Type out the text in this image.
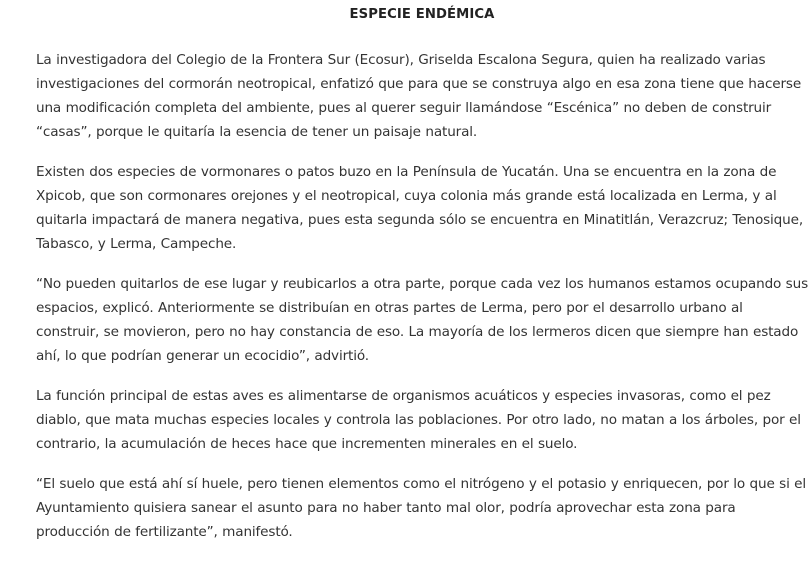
ESPECIE ENDÉMICA

La investigadora del Colegio de la Frontera Sur (Ecosur), Griselda Escalona Segura, quien ha realizado varias investigaciones del cormorán neotropical, enfatizó que para que se construya algo en esa zona tiene que hacerse una modificación completa del ambiente, pues al querer seguir llamándose “Escénica” no deben de construir “casas”, porque le quitaría la esencia de tener un paisaje natural.

Existen dos especies de vormonares o patos buzo en la Península de Yucatán. Una se encuentra en la zona de Xpicob, que son cormonares orejones y el neotropical, cuya colonia más grande está localizada en Lerma, y al quitarla impactará de manera negativa, pues esta segunda sólo se encuentra en Minatitlán, Verazcruz; Tenosique, Tabasco, y Lerma, Campeche.

“No pueden quitarlos de ese lugar y reubicarlos a otra parte, porque cada vez los humanos estamos ocupando sus espacios, explicó. Anteriormente se distribuían en otras partes de Lerma, pero por el desarrollo urbano al construir, se movieron, pero no hay constancia de eso. La mayoría de los lermeros dicen que siempre han estado ahí, lo que podrían generar un ecocidio”, advirtió.

La función principal de estas aves es alimentarse de organismos acuáticos y especies invasoras, como el pez diablo, que mata muchas especies locales y controla las poblaciones. Por otro lado, no matan a los árboles, por el contrario, la acumulación de heces hace que incrementen minerales en el suelo.

“El suelo que está ahí sí huele, pero tienen elementos como el nitrógeno y el potasio y enriquecen, por lo que si el Ayuntamiento quisiera sanear el asunto para no haber tanto mal olor, podría aprovechar esta zona para producción de fertilizante”, manifestó.
